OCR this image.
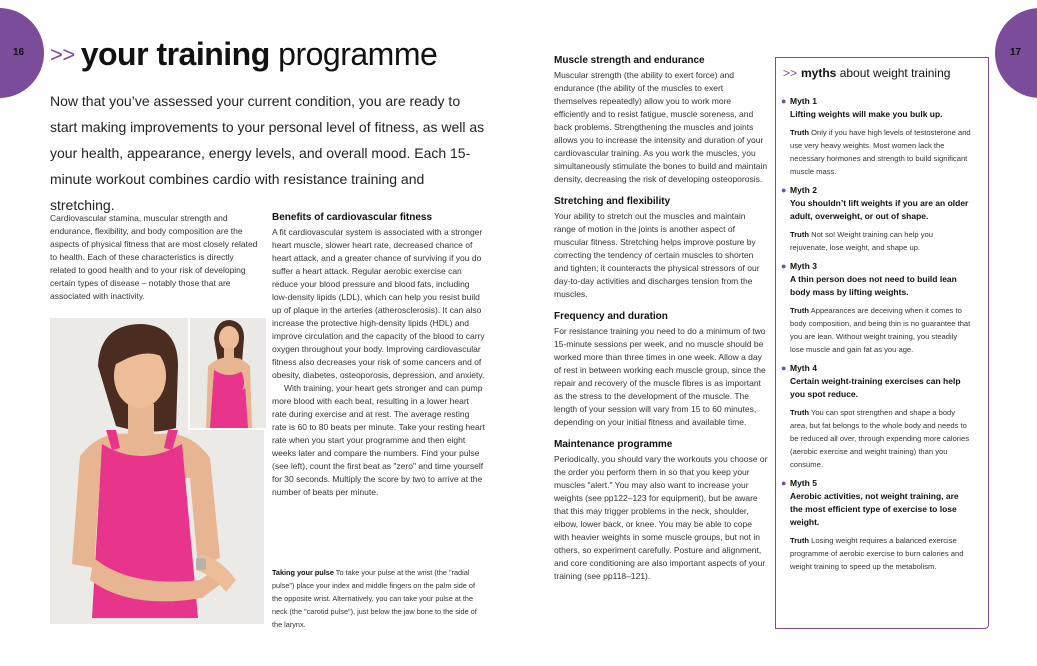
16	17
>> your training programme
Now that you’ve assessed your current condition, you are ready to start making improvements to your personal level of fitness, as well as your health, appearance, energy levels, and overall mood. Each 15-minute workout combines cardio with resistance training and stretching.
Cardiovascular stamina, muscular strength and endurance, flexibility, and body composition are the aspects of physical fitness that are most closely related to health. Each of these characteristics is directly related to good health and to your risk of developing certain types of disease – notably those that are associated with inactivity.
Benefits of cardiovascular fitness

A fit cardiovascular system is associated with a stronger heart muscle, slower heart rate, decreased chance of heart attack, and a greater chance of surviving if you do suffer a heart attack. Regular aerobic exercise can reduce your blood pressure and blood fats, including low-density lipids (LDL), which can help you resist build up of plaque in the arteries (atherosclerosis). It can also increase the protective high-density lipids (HDL) and improve circulation and the capacity of the blood to carry oxygen throughout your body. Improving cardiovascular fitness also decreases your risk of some cancers and of obesity, diabetes, osteoporosis, depression, and anxiety.

With training, your heart gets stronger and can pump more blood with each beat, resulting in a lower heart rate during exercise and at rest. The average resting rate is 60 to 80 beats per minute. Take your resting heart rate when you start your programme and then eight weeks later and compare the numbers. Find your pulse (see left), count the first beat as "zero" and time yourself for 30 seconds. Multiply the score by two to arrive at the number of beats per minute.

Taking your pulse To take your pulse at the wrist (the "radial pulse") place your index and middle fingers on the palm side of the opposite wrist. Alternatively, you can take your pulse at the neck (the "carotid pulse"), just below the jaw bone to the side of the larynx.
Muscle strength and endurance

Muscular strength (the ability to exert force) and endurance (the ability of the muscles to exert themselves repeatedly) allow you to work more efficiently and to resist fatigue, muscle soreness, and back problems. Strengthening the muscles and joints allows you to increase the intensity and duration of your cardiovascular training. As you work the muscles, you simultaneously stimulate the bones to build and maintain density, decreasing the risk of developing osteoporosis.

Stretching and flexibility

Your ability to stretch out the muscles and maintain range of motion in the joints is another aspect of muscular fitness. Stretching helps improve posture by correcting the tendency of certain muscles to shorten and tighten; it counteracts the physical stressors of our day-to-day activities and discharges tension from the muscles.

Frequency and duration

For resistance training you need to do a minimum of two 15-minute sessions per week, and no muscle should be worked more than three times in one week. Allow a day of rest in between working each muscle group, since the repair and recovery of the muscle fibres is as important as the stress to the development of the muscle. The length of your session will vary from 15 to 60 minutes, depending on your initial fitness and available time.

Maintenance programme

Periodically, you should vary the workouts you choose or the order you perform them in so that you keep your muscles "alert." You may also want to increase your weights (see pp122–123 for equipment), but be aware that this may trigger problems in the neck, shoulder, elbow, lower back, or knee. You may be able to cope with heavier weights in some muscle groups, but not in others, so experiment carefully. Posture and alignment, and core conditioning are also important aspects of your training (see pp118–121).

>> myths about weight training
● Myth 1
Lifting weights will make you bulk up.
Truth Only if you have high levels of testosterone and use very heavy weights. Most women lack the necessary hormones and strength to build significant muscle mass.
● Myth 2
You shouldn’t lift weights if you are an older adult, overweight, or out of shape.
Truth Not so! Weight training can help you rejuvenate, lose weight, and shape up.
● Myth 3
A thin person does not need to build lean body mass by lifting weights.
Truth Appearances are deceiving when it comes to body composition, and being thin is no guarantee that you are lean. Without weight training, you steadily lose muscle and gain fat as you age.
● Myth 4
Certain weight-training exercises can help you spot reduce.
Truth You can spot strengthen and shape a body area, but fat belongs to the whole body and needs to be reduced all over, through expending more calories (aerobic exercise and weight training) than you consume.
● Myth 5
Aerobic activities, not weight training, are the most efficient type of exercise to lose weight.
Truth Losing weight requires a balanced exercise programme of aerobic exercise to burn calories and weight training to speed up the metabolism.
